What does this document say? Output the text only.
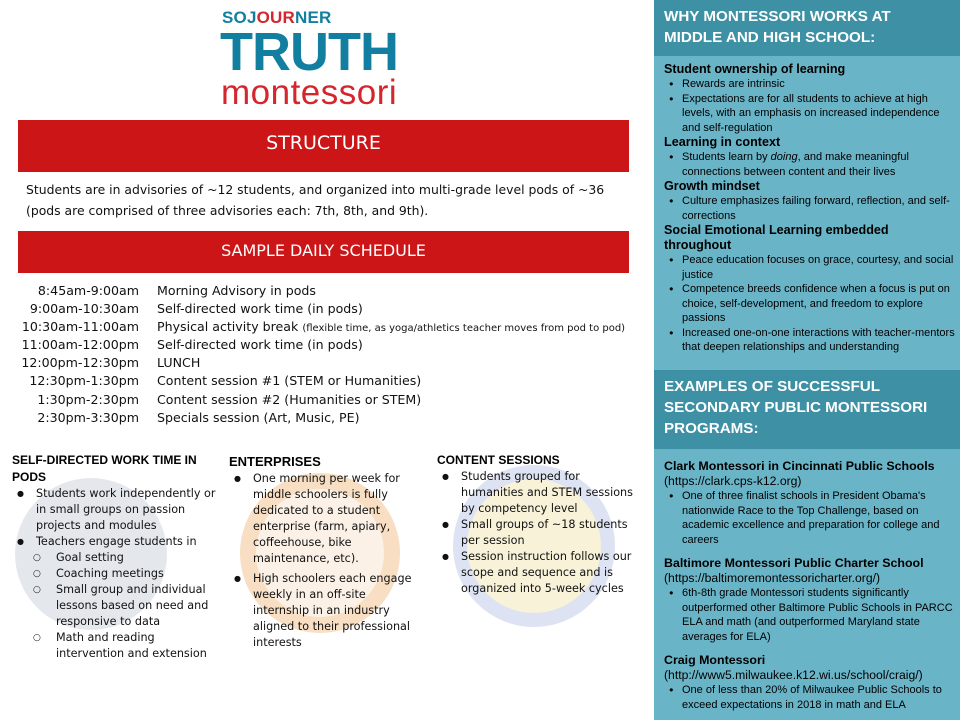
SOJOURNER
TRUTH
montessori
STRUCTURE

Students are in advisories of ~12 students, and organized into multi-grade level pods of ~36 (pods are comprised of three advisories each: 7th, 8th, and 9th).

SAMPLE DAILY SCHEDULE
8:45am-9:00am	Morning Advisory in pods
9:00am-10:30am	Self-directed work time (in pods)
10:30am-11:00am	Physical activity break (flexible time, as yoga/athletics teacher moves from pod to pod)
11:00am-12:00pm	Self-directed work time (in pods)
12:00pm-12:30pm	LUNCH
12:30pm-1:30pm	Content session #1 (STEM or Humanities)
1:30pm-2:30pm	Content session #2 (Humanities or STEM)
2:30pm-3:30pm	Specials session (Art, Music, PE)
SELF-DIRECTED WORK TIME IN PODS
● Students work independently or in small groups on passion projects and modules
● Teachers engage students in
○ Goal setting
○ Coaching meetings
○ Small group and individual lessons based on need and responsive to data
○ Math and reading intervention and extension
ENTERPRISES
● One morning per week for middle schoolers is fully dedicated to a student enterprise (farm, apiary, coffeehouse, bike maintenance, etc).
● High schoolers each engage weekly in an off-site internship in an industry aligned to their professional interests
CONTENT SESSIONS
● Students grouped for humanities and STEM sessions by competency level
● Small groups of ~18 students per session
● Session instruction follows our scope and sequence and is organized into 5-week cycles
WHY MONTESSORI WORKS AT MIDDLE AND HIGH SCHOOL:
Student ownership of learning
● Rewards are intrinsic
● Expectations are for all students to achieve at high levels, with an emphasis on increased independence and self-regulation
Learning in context
● Students learn by doing, and make meaningful connections between content and their lives
Growth mindset
● Culture emphasizes failing forward, reflection, and self-corrections
Social Emotional Learning embedded throughout
● Peace education focuses on grace, courtesy, and social justice
● Competence breeds confidence when a focus is put on choice, self-development, and freedom to explore passions
● Increased one-on-one interactions with teacher-mentors that deepen relationships and understanding
EXAMPLES OF SUCCESSFUL SECONDARY PUBLIC MONTESSORI PROGRAMS:
Clark Montessori in Cincinnati Public Schools
(https://clark.cps-k12.org)
● One of three finalist schools in President Obama's nationwide Race to the Top Challenge, based on academic excellence and preparation for college and careers
Baltimore Montessori Public Charter School
(https://baltimoremontessoricharter.org/)
● 6th-8th grade Montessori students significantly outperformed other Baltimore Public Schools in PARCC ELA and math (and outperformed Maryland state averages for ELA)
Craig Montessori
(http://www5.milwaukee.k12.wi.us/school/craig/)
● One of less than 20% of Milwaukee Public Schools to exceed expectations in 2018 in math and ELA
